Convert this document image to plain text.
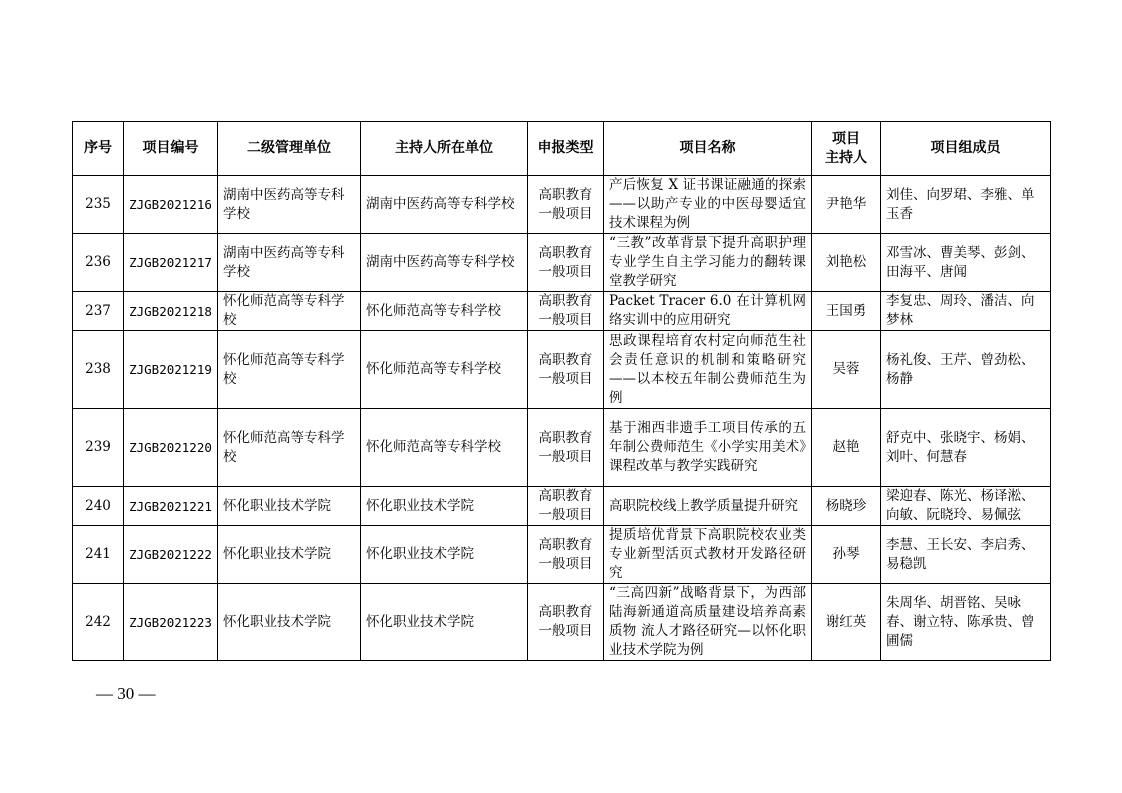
序号	项目编号	二级管理单位	主持人所在单位	申报类型	项目名称	项目
主持人	项目组成员
235	ZJGB2021216	湖南中医药高等专科学校	湖南中医药高等专科学校	高职教育一般项目	产后恢复 X 证书课证融通的探索——以助产专业的中医母婴适宜技术课程为例	尹艳华	刘佳、向罗珺、李雅、单玉香
236	ZJGB2021217	湖南中医药高等专科学校	湖南中医药高等专科学校	高职教育一般项目	“三教”改革背景下提升高职护理专业学生自主学习能力的翻转课堂教学研究	刘艳松	邓雪冰、曹美琴、彭剑、田海平、唐闻
237	ZJGB2021218	怀化师范高等专科学校	怀化师范高等专科学校	高职教育一般项目	Packet Tracer 6.0 在计算机网络实训中的应用研究	王国勇	李复忠、周玲、潘洁、向梦林
238	ZJGB2021219	怀化师范高等专科学校	怀化师范高等专科学校	高职教育一般项目	思政课程培育农村定向师范生社会责任意识的机制和策略研究——以本校五年制公费师范生为例	吴蓉	杨礼俊、王芹、曾劲松、杨静
239	ZJGB2021220	怀化师范高等专科学校	怀化师范高等专科学校	高职教育一般项目	基于湘西非遗手工项目传承的五年制公费师范生《小学实用美术》课程改革与教学实践研究	赵艳	舒克中、张晓宇、杨娟、刘叶、何慧春
240	ZJGB2021221	怀化职业技术学院	怀化职业技术学院	高职教育一般项目	高职院校线上教学质量提升研究	杨晓珍	梁迎春、陈光、杨译淞、向敏、阮晓玲、易佩弦
241	ZJGB2021222	怀化职业技术学院	怀化职业技术学院	高职教育一般项目	提质培优背景下高职院校农业类专业新型活页式教材开发路径研究	孙琴	李慧、王长安、李启秀、易稳凯
242	ZJGB2021223	怀化职业技术学院	怀化职业技术学院	高职教育一般项目	“三高四新”战略背景下，为西部陆海新通道高质量建设培养高素质物 流人才路径研究—以怀化职业技术学院为例	谢红英	朱周华、胡晋铭、吴咏春、谢立特、陈承贵、曾圃儒
— 30 —
